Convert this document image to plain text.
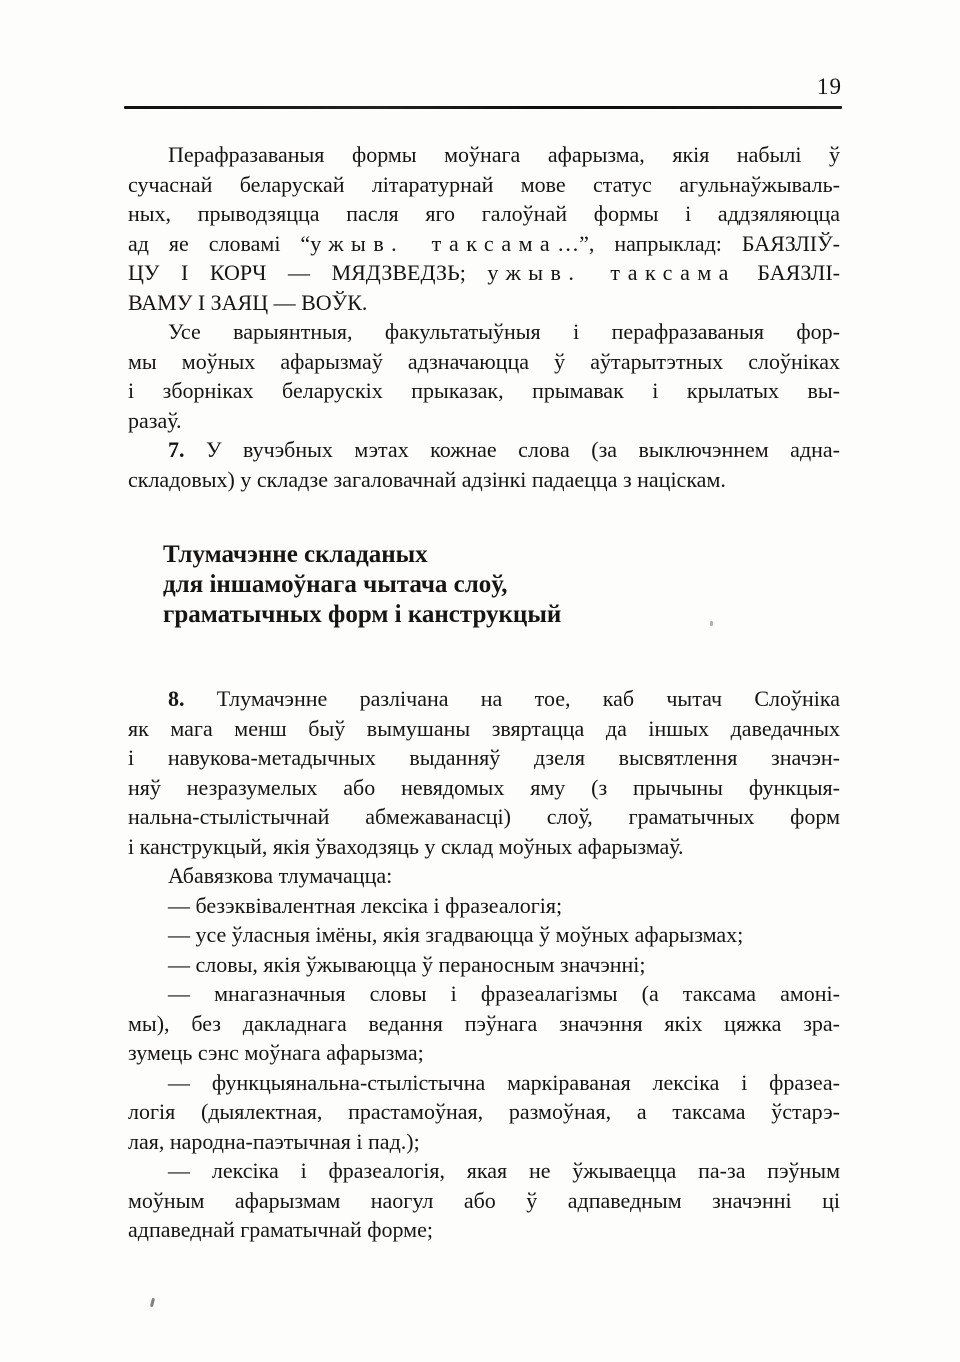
19
Перафразаваныя формы моўнага афарызма, якія набылі ў
сучаснай беларускай літаратурнай мове статус агульнаўжываль-
ных, прыводзяцца пасля яго галоўнай формы і аддзяляюцца
ад яе словамі “ужыв. таксама…”, напрыклад: БАЯЗЛІЎ-
ЦУ І КОРЧ — МЯДЗВЕДЗЬ; ужыв. таксама БАЯЗЛІ-
ВАМУ І ЗАЯЦ — ВОЎК.
Усе варыянтныя, факультатыўныя і перафразаваныя фор-
мы моўных афарызмаў адзначаюцца ў аўтарытэтных слоўніках
і зборніках беларускіх прыказак, прымавак і крылатых вы-
разаў.
7. У вучэбных мэтах кожнае слова (за выключэннем адна-
складовых) у складзе загаловачнай адзінкі падаецца з націскам.
Тлумачэнне складаных
для іншамоўнага чытача слоў,
граматычных форм і канструкцый
8. Тлумачэнне разлічана на тое, каб чытач Слоўніка
як мага менш быў вымушаны звяртацца да іншых даведачных
і навукова-метадычных выданняў дзеля высвятлення значэн-
няў незразумелых або невядомых яму (з прычыны функцыя-
нальна-стылістычнай абмежаванасці) слоў, граматычных форм
і канструкцый, якія ўваходзяць у склад моўных афарызмаў.
Абавязкова тлумачацца:
— безэквівалентная лексіка і фразеалогія;
— усе ўласныя імёны, якія згадваюцца ў моўных афарызмах;
— словы, якія ўжываюцца ў пераносным значэнні;
— мнагазначныя словы і фразеалагізмы (а таксама амоні-
мы), без дакладнага ведання пэўнага значэння якіх цяжка зра-
зумець сэнс моўнага афарызма;
— функцыянальна-стылістычна маркіраваная лексіка і фразеа-
логія (дыялектная, прастамоўная, размоўная, а таксама ўстарэ-
лая, народна-паэтычная і пад.);
— лексіка і фразеалогія, якая не ўжываецца па-за пэўным
моўным афарызмам наогул або ў адпаведным значэнні ці
адпаведнай граматычнай форме;
